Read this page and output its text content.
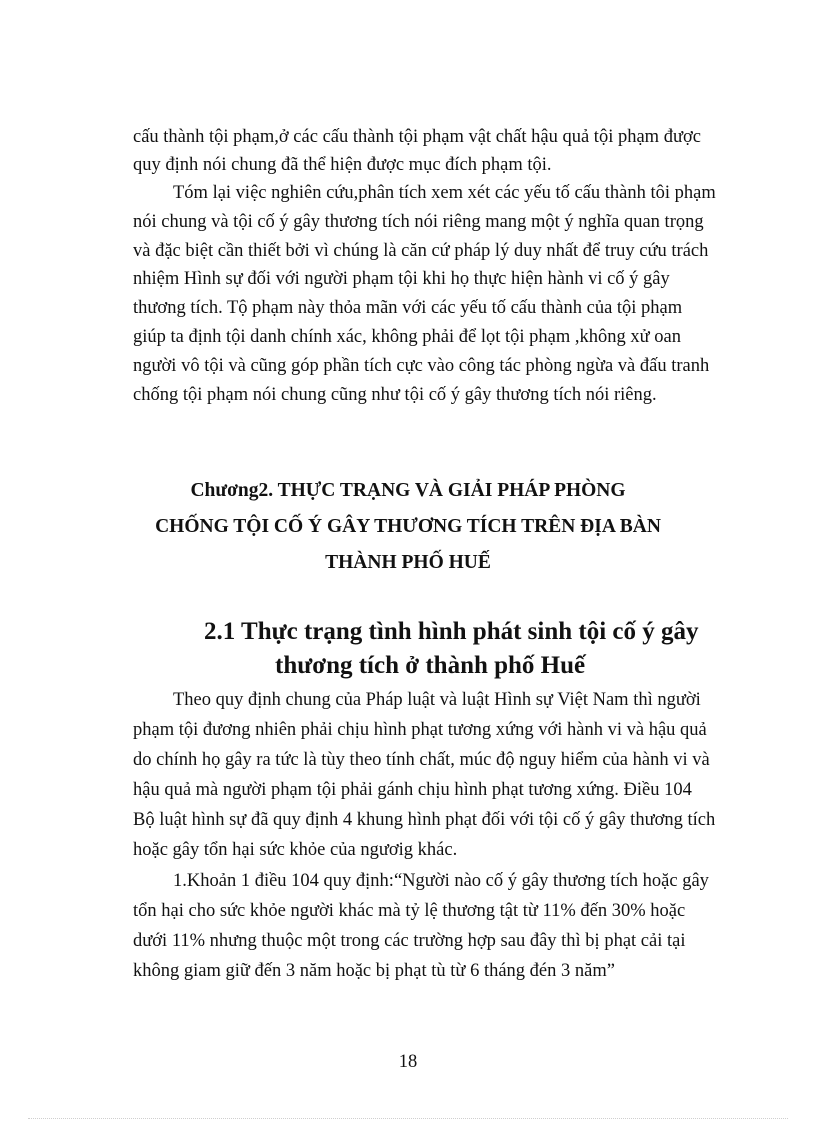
cấu thành tội phạm,ở các cấu thành tội phạm vật chất hậu quả tội phạm được
quy định nói chung đã thể hiện được mục đích phạm tội.
Tóm lại việc nghiên cứu,phân tích xem xét các yếu tố cấu thành tôi phạm
nói chung và tội cố ý gây thương tích nói riêng mang một ý nghĩa quan trọng
và đặc biệt cần thiết bởi vì chúng là căn cứ pháp lý duy nhất để truy cứu trách
nhiệm Hình sự đối với người phạm tội khi họ thực hiện hành vi cố ý gây
thương tích. Tộ phạm này thỏa mãn với các yếu tố cấu thành của tội phạm
giúp ta định tội danh chính xác, không phải để lọt tội phạm ,không xử oan
người vô tội và cũng góp phần tích cực vào công tác phòng ngừa và đấu tranh
chống tội phạm nói chung cũng như tội cố ý gây thương tích nói riêng.
Chương2. THỰC TRẠNG VÀ GIẢI PHÁP PHÒNG
CHỐNG TỘI CỐ Ý GÂY THƯƠNG TÍCH TRÊN ĐỊA BÀN
THÀNH PHỐ HUẾ
2.1 Thực trạng tình hình phát sinh tội cố ý gây
thương tích ở thành phố Huế
Theo quy định chung của Pháp luật và luật Hình sự Việt Nam thì người
phạm tội đương nhiên phải chịu hình phạt tương xứng với hành vi và hậu quả
do chính họ gây ra tức là tùy theo tính chất, múc độ nguy hiểm của hành vi và
hậu quả mà người phạm tội phải gánh chịu hình phạt tương xứng. Điều 104
Bộ luật hình sự đã quy định 4 khung hình phạt đối với tội cố ý gây thương tích
hoặc gây tổn hại sức khỏe của ngươig khác.
1.Khoản 1 điều 104 quy định:“Người nào cố ý gây thương tích hoặc gây
tổn hại cho sức khỏe người khác mà tỷ lệ thương tật từ 11% đến 30% hoặc
dưới 11% nhưng thuộc một trong các trường hợp sau đây thì bị phạt cải tại
không giam giữ đến 3 năm hoặc bị phạt tù từ 6 tháng đén 3 năm”
18
